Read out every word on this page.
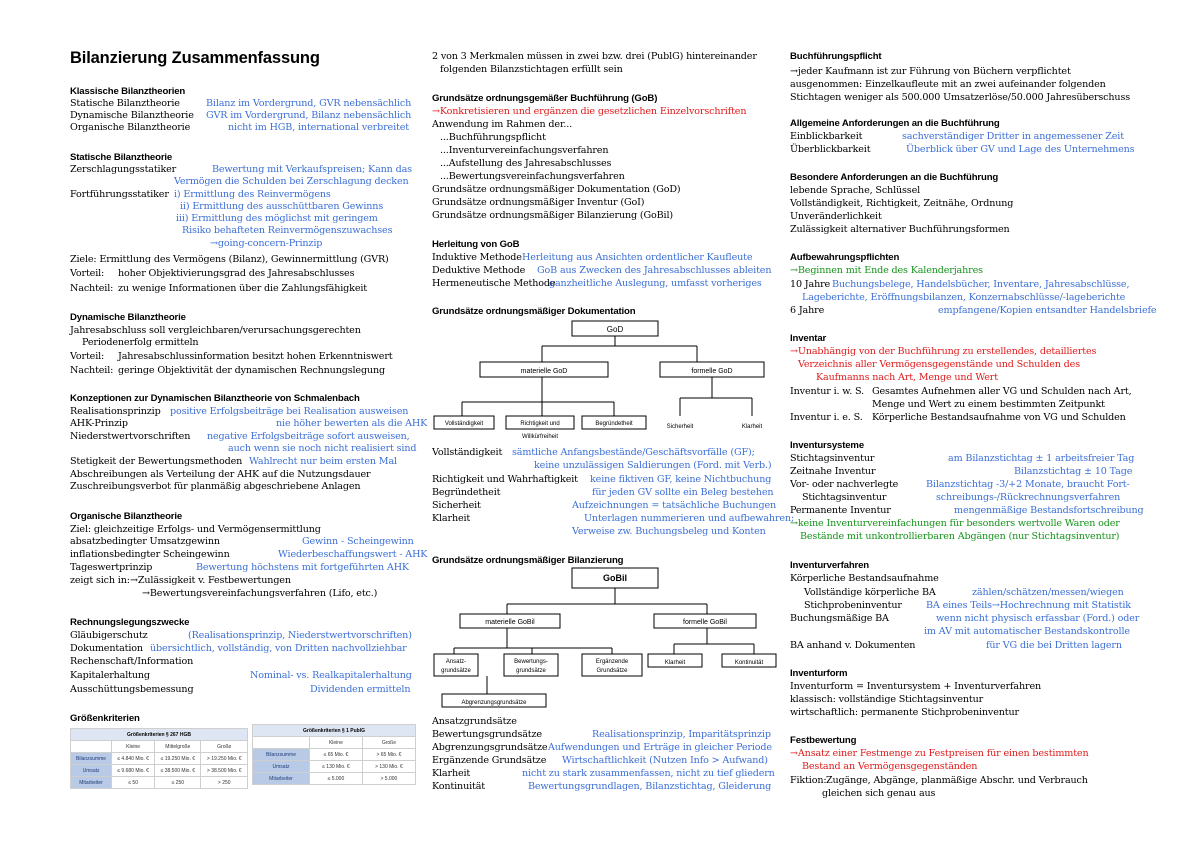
Bilanzierung Zusammenfassung
Klassische Bilanztheorien
Statische Bilanztheorie	Bilanz im Vordergrund, GVR nebensächlich
Dynamische Bilanztheorie GVR im Vordergrund, Bilanz nebensächlich
Organische Bilanztheorie	nicht im HGB, international verbreitet
Statische Bilanztheorie
Zerschlagungsstatiker	Bewertung mit Verkaufspreisen; Kann das
Vermögen die Schulden bei Zerschlagung decken
Fortführungsstatiker i) Ermittlung des Reinvermögens
ii) Ermittlung des ausschüttbaren Gewinns
iii) Ermittlung des möglichst mit geringem
Risiko behafteten Reinvermögenszuwachses
→going-concern-Prinzip
Ziele: Ermittlung des Vermögens (Bilanz), Gewinnermittlung (GVR)
Vorteil: hoher Objektivierungsgrad des Jahresabschlusses
Nachteil: zu wenige Informationen über die Zahlungsfähigkeit
Dynamische Bilanztheorie
Jahresabschluss soll vergleichbaren/verursachungsgerechten
Periodenerfolg ermitteln
Vorteil: Jahresabschlussinformation besitzt hohen Erkenntniswert
Nachteil: geringe Objektivität der dynamischen Rechnungslegung
Konzeptionen zur Dynamischen Bilanztheorie von Schmalenbach
Realisationsprinzip positive Erfolgsbeiträge bei Realisation ausweisen
AHK-Prinzip	nie höher bewerten als die AHK
Niederstwertvorschriften negative Erfolgsbeiträge sofort ausweisen,
auch wenn sie noch nicht realisiert sind
Stetigkeit der Bewertungsmethoden Wahlrecht nur beim ersten Mal
Abschreibungen als Verteilung der AHK auf die Nutzungsdauer
Zuschreibungsverbot für planmäßig abgeschriebene Anlagen
Organische Bilanztheorie
Ziel: gleichzeitige Erfolgs- und Vermögensermittlung
absatzbedingter Umsatzgewinn	Gewinn - Scheingewinn
inflationsbedingter Scheingewinn	Wiederbeschaffungswert - AHK
Tageswertprinzip	Bewertung höchstens mit fortgeführten AHK
zeigt sich in: →Zulässigkeit v. Festbewertungen
→Bewertungsvereinfachungsverfahren (Lifo, etc.)
Rechnungslegungszwecke
Gläubigerschutz	(Realisationsprinzip, Niederstwertvorschriften)
Dokumentation übersichtlich, vollständig, von Dritten nachvollziehbar
Rechenschaft/Information
Kapitalerhaltung	Nominal- vs. Realkapitalerhaltung
Ausschüttungsbemessung	Dividenden ermitteln
Größenkriterien
Größenkriterien § 267 HGB			
	Kleine	Mittelgroße	Große
Bilanzsumme	≤ 4.840 Mio. €	≤ 19.250 Mio. €	> 19.250 Mio. €
Umsatz	≤ 9.680 Mio. €	≤ 38.500 Mio. €	> 38.500 Mio. €
Mitarbeiter	≤ 50	≤ 250	> 250
Größenkriterien § 1 PublG		
	Kleine	Große
Bilanzsumme	≤ 65 Mio. €	> 65 Mio. €
Umsatz	≤ 130 Mio. €	> 130 Mio. €
Mitarbeiter	≤ 5.000	> 5.000
2 von 3 Merkmalen müssen in zwei bzw. drei (PublG) hintereinander
folgenden Bilanzstichtagen erfüllt sein
Grundsätze ordnungsgemäßer Buchführung (GoB)
→Konkretisieren und ergänzen die gesetzlichen Einzelvorschriften
Anwendung im Rahmen der...
...Buchführungspflicht
...Inventurvereinfachungsverfahren
...Aufstellung des Jahresabschlusses
...Bewertungsvereinfachungsverfahren
Grundsätze ordnungsmäßiger Dokumentation (GoD)
Grundsätze ordnungsmäßiger Inventur (GoI)
Grundsätze ordnungsmäßiger Bilanzierung (GoBil)
Herleitung von GoB
Induktive Methode Herleitung aus Ansichten ordentlicher Kaufleute
Deduktive Methode GoB aus Zwecken des Jahresabschlusses ableiten
Hermeneutische Methode
ganzheitliche Auslegung, umfasst vorheriges
Grundsätze ordnungsmäßiger Dokumentation
GoD
materielle GoD	formelle GoD
Vollständigkeit	Richtigkeit und
Willkürfreiheit
Begründetheit	Sicherheit	Klarheit
Vollständigkeit sämtliche Anfangsbestände/Geschäftsvorfälle (GF);
keine unzulässigen Saldierungen (Ford. mit Verb.)
Richtigkeit und Wahrhaftigkeit keine fiktiven GF, keine Nichtbuchung
Begründetheit	für jeden GV sollte ein Beleg bestehen
Sicherheit	Aufzeichnungen = tatsächliche Buchungen
Klarheit	Unterlagen nummerieren und aufbewahren;
Verweise zw. Buchungsbeleg und Konten
Grundsätze ordnungsmäßiger Bilanzierung
GoBil
materielle GoBil	formelle GoBil
Ansatz-
grundsätze
Bewertungs-
grundsätze
Ergänzende
Grundsätze
Klarheit	Kontinuität
Abgrenzungsgrundsätze
Ansatzgrundsätze
Bewertungsgrundsätze	Realisationsprinzip, Imparitätsprinzip
Abgrenzungsgrundsätze Aufwendungen und Erträge in gleicher Periode
Ergänzende Grundsätze Wirtschaftlichkeit (Nutzen Info > Aufwand)
Klarheit	nicht zu stark zusammenfassen, nicht zu tief gliedern
Kontinuität	Bewertungsgrundlagen, Bilanzstichtag, Gleiderung
Buchführungspflicht
→jeder Kaufmann ist zur Führung von Büchern verpflichtet
ausgenommen: Einzelkaufleute mit an zwei aufeinander folgenden
Stichtagen weniger als 500.000 Umsatzerlöse/50.000 Jahresüberschuss
Allgemeine Anforderungen an die Buchführung
Einblickbarkeit	sachverständiger Dritter in angemessener Zeit
Überblickbarkeit	Überblick über GV und Lage des Unternehmens
Besondere Anforderungen an die Buchführung
lebende Sprache, Schlüssel
Vollständigkeit, Richtigkeit, Zeitnähe, Ordnung
Unveränderlichkeit
Zulässigkeit alternativer Buchführungsformen
Aufbewahrungspflichten
→Beginnen mit Ende des Kalenderjahres
10 Jahre Buchungsbelege, Handelsbücher, Inventare, Jahresabschlüsse,
Lageberichte, Eröffnungsbilanzen, Konzernabschlüsse/-lageberichte
6 Jahre	empfangene/Kopien entsandter Handelsbriefe
Inventar
→Unabhängig von der Buchführung zu erstellendes, detailliertes
Verzeichnis aller Vermögensgegenstände und Schulden des
Kaufmanns nach Art, Menge und Wert
Inventur i. w. S. Gesamtes Aufnehmen aller VG und Schulden nach Art,
Menge und Wert zu einem bestimmten Zeitpunkt
Inventur i. e. S. Körperliche Bestandsaufnahme von VG und Schulden
Inventursysteme
Stichtagsinventur	am Bilanzstichtag ± 1 arbeitsfreier Tag
Zeitnahe Inventur	Bilanzstichtag ± 10 Tage
Vor- oder nachverlegte	Bilanzstichtag -3/+2 Monate, braucht Fort-
Stichtagsinventur	schreibungs-/Rückrechnungsverfahren
Permanente Inventur	mengenmäßige Bestandsfortschreibung
→keine Inventurvereinfachungen für besonders wertvolle Waren oder
Bestände mit unkontrollierbaren Abgängen (nur Stichtagsinventur)
Inventurverfahren
Körperliche Bestandsaufnahme
Vollständige körperliche BA	zählen/schätzen/messen/wiegen
Stichprobeninventur	BA eines Teils→Hochrechnung mit Statistik
Buchungsmäßige BA	wenn nicht physisch erfassbar (Ford.) oder
im AV mit automatischer Bestandskontrolle
BA anhand v. Dokumenten	für VG die bei Dritten lagern
Inventurform
Inventurform = Inventursystem + Inventurverfahren
klassisch: vollständige Stichtagsinventur
wirtschaftlich: permanente Stichprobeninventur
Festbewertung
→Ansatz einer Festmenge zu Festpreisen für einen bestimmten
Bestand an Vermögensgegenständen
Fiktion: Zugänge, Abgänge, planmäßige Abschr. und Verbrauch
gleichen sich genau aus
